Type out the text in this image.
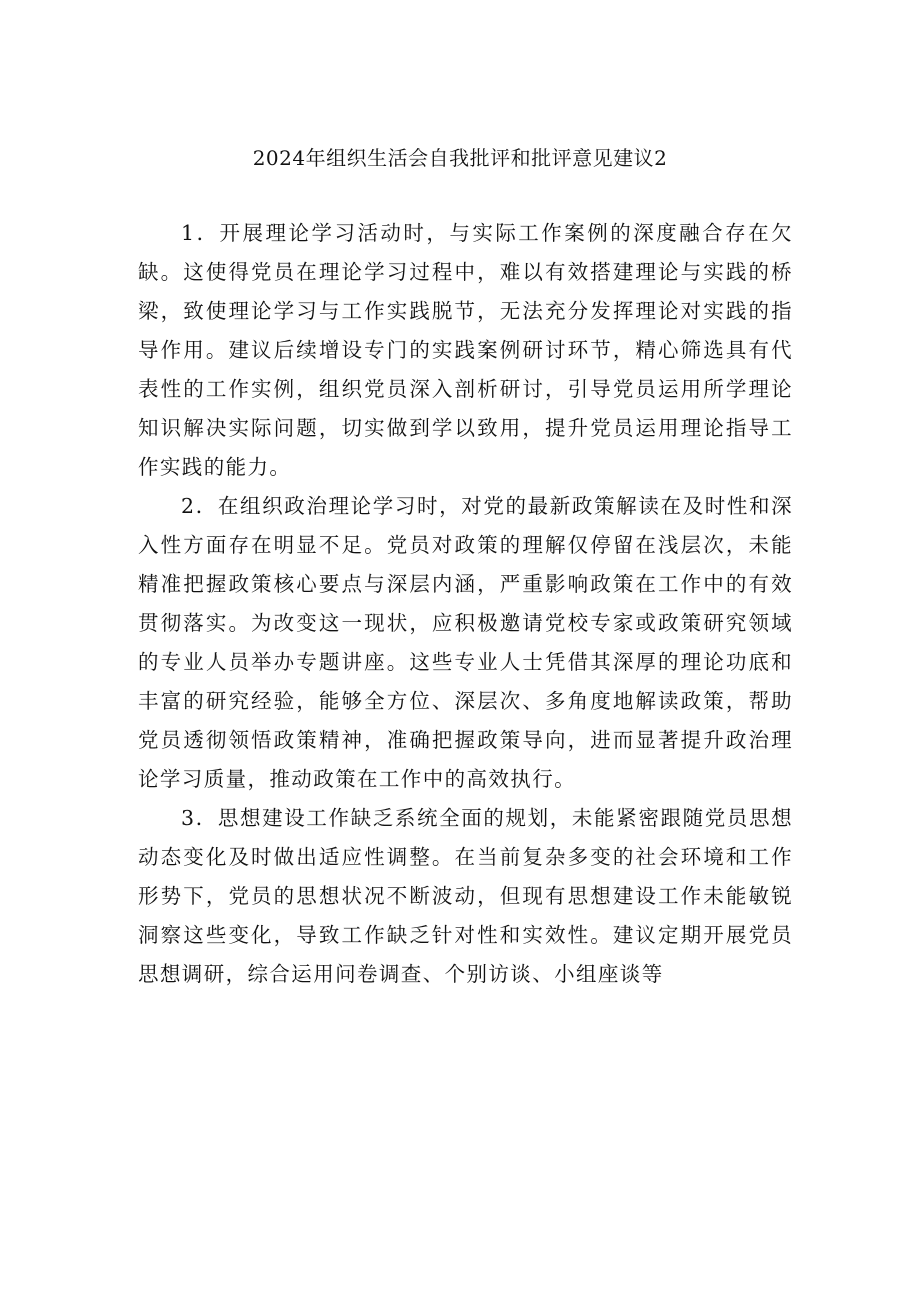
2024年组织生活会自我批评和批评意见建议2

1．开展理论学习活动时，与实际工作案例的深度融合存在欠缺。这使得党员在理论学习过程中，难以有效搭建理论与实践的桥梁，致使理论学习与工作实践脱节，无法充分发挥理论对实践的指导作用。建议后续增设专门的实践案例研讨环节，精心筛选具有代表性的工作实例，组织党员深入剖析研讨，引导党员运用所学理论知识解决实际问题，切实做到学以致用，提升党员运用理论指导工作实践的能力。

2．在组织政治理论学习时，对党的最新政策解读在及时性和深入性方面存在明显不足。党员对政策的理解仅停留在浅层次，未能精准把握政策核心要点与深层内涵，严重影响政策在工作中的有效贯彻落实。为改变这一现状，应积极邀请党校专家或政策研究领域的专业人员举办专题讲座。这些专业人士凭借其深厚的理论功底和丰富的研究经验，能够全方位、深层次、多角度地解读政策，帮助党员透彻领悟政策精神，准确把握政策导向，进而显著提升政治理论学习质量，推动政策在工作中的高效执行。

3．思想建设工作缺乏系统全面的规划，未能紧密跟随党员思想动态变化及时做出适应性调整。在当前复杂多变的社会环境和工作形势下，党员的思想状况不断波动，但现有思想建设工作未能敏锐洞察这些变化，导致工作缺乏针对性和实效性。建议定期开展党员思想调研，综合运用问卷调查、个别访谈、小组座谈等
